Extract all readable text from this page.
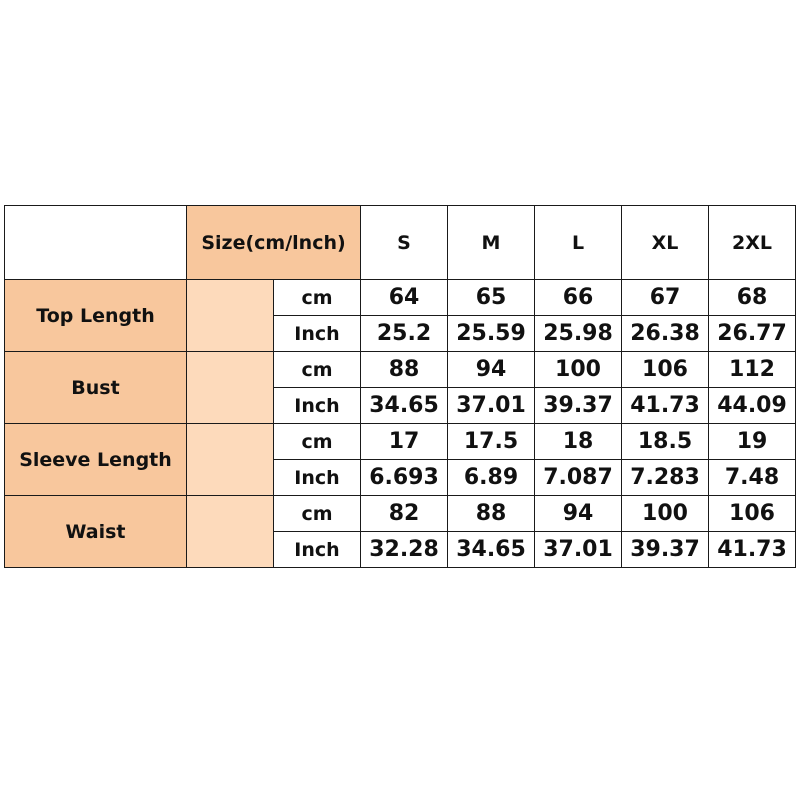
	Size(cm/lnch)		S	M	L	XL	2XL
Top Length		cm	64	65	66	67	68
		Inch	25.2	25.59	25.98	26.38	26.77
Bust		cm	88	94	100	106	112
		Inch	34.65	37.01	39.37	41.73	44.09
Sleeve Length		cm	17	17.5	18	18.5	19
		Inch	6.693	6.89	7.087	7.283	7.48
Waist		cm	82	88	94	100	106
		Inch	32.28	34.65	37.01	39.37	41.73
